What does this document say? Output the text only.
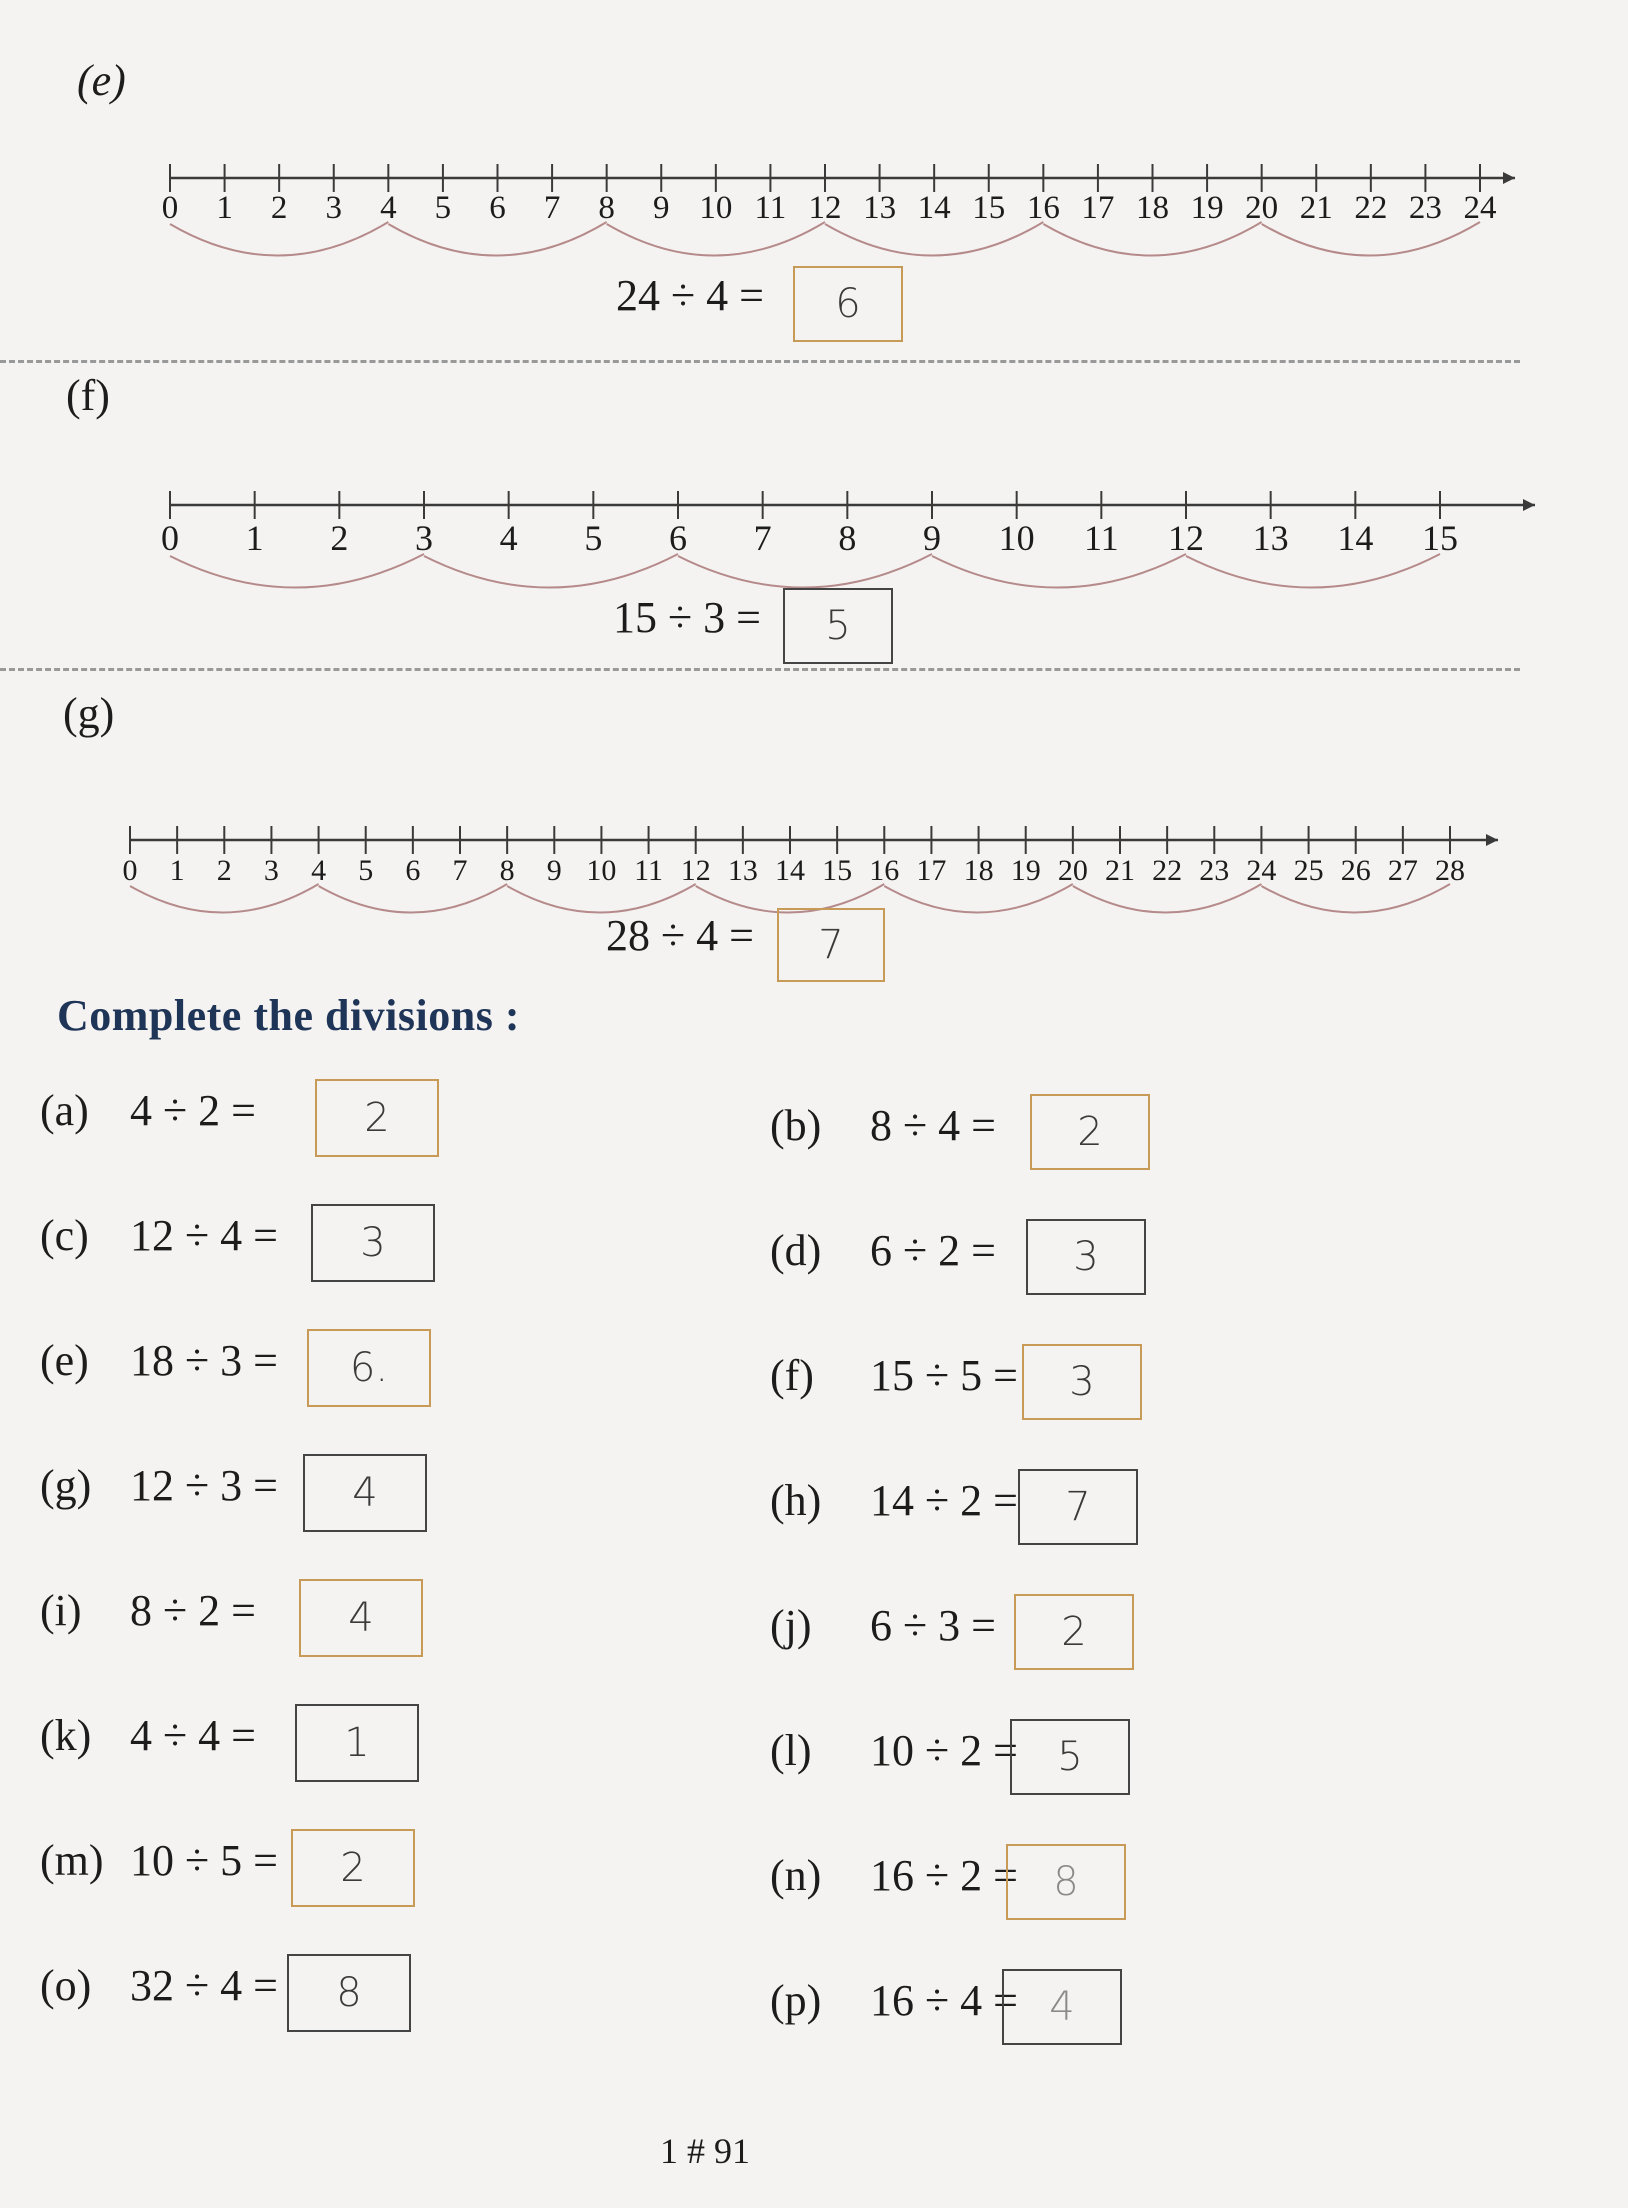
(e)
0 1 2 3 4 5 6 7 8 9 10 11 12 13 14 15 16 17 18 19 20 21 22 23 24
24 ÷ 4 =	6
(f)
0 1 2 3 4 5 6 7 8 9 10 11 12 13 14 15
15 ÷ 3 =	5
(g)
0 1 2 3 4 5 6 7 8 9 10 11 12 13 14 15 16 17 18 19 20 21 22 23 24 25 26 27 28
28 ÷ 4 =	7
Complete the divisions :
(a) 4 ÷ 2 =	2	(b) 8 ÷ 4 =	2
(c) 12 ÷ 4 =	3	(d) 6 ÷ 2 =	3
(e) 18 ÷ 3 =	6.	(f) 15 ÷ 5 =	3
(g) 12 ÷ 3 =	4	(h) 14 ÷ 2 =	7
(i) 8 ÷ 2 =	4	(j) 6 ÷ 3 =	2
(k) 4 ÷ 4 =	1	(l) 10 ÷ 2 = 5
(m) 10 ÷ 5 =	2	(n) 16 ÷ 2 = 8
(o) 32 ÷ 4 =	8	(p) 16 ÷ 4 = 4
1 # 91
